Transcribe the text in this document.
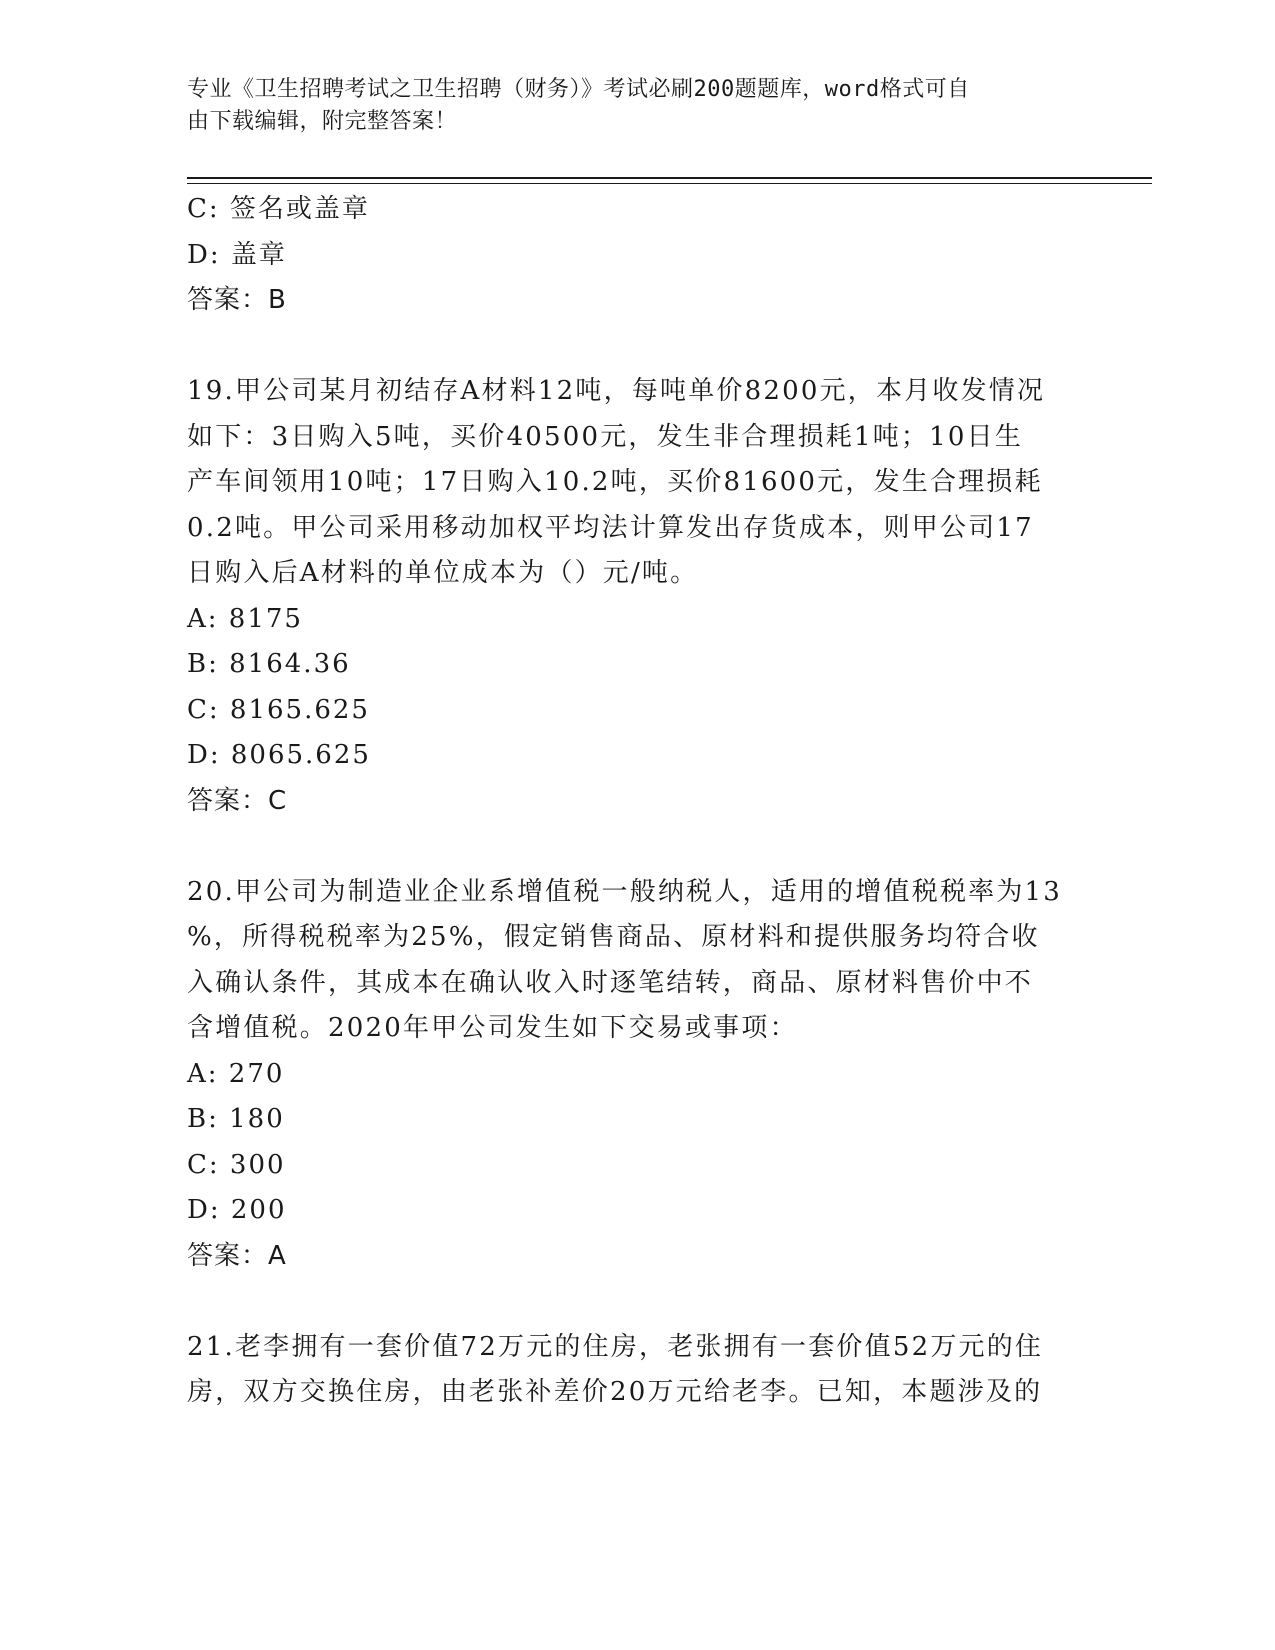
专业《卫生招聘考试之卫生招聘（财务）》考试必刷200题题库，word格式可自
由下载编辑，附完整答案！
C: 签名或盖章
D: 盖章
答案：B
19.甲公司某月初结存A材料12吨，每吨单价8200元，本月收发情况
如下：3日购入5吨，买价40500元，发生非合理损耗1吨；10日生
产车间领用10吨；17日购入10.2吨，买价81600元，发生合理损耗
0.2吨。甲公司采用移动加权平均法计算发出存货成本，则甲公司17
日购入后A材料的单位成本为（）元/吨。
A: 8175
B: 8164.36
C: 8165.625
D: 8065.625
答案：C
20.甲公司为制造业企业系增值税一般纳税人，适用的增值税税率为13
%，所得税税率为25%，假定销售商品、原材料和提供服务均符合收
入确认条件，其成本在确认收入时逐笔结转，商品、原材料售价中不
含增值税。2020年甲公司发生如下交易或事项：
A: 270
B: 180
C: 300
D: 200
答案：A
21.老李拥有一套价值72万元的住房，老张拥有一套价值52万元的住
房，双方交换住房，由老张补差价20万元给老李。已知，本题涉及的
